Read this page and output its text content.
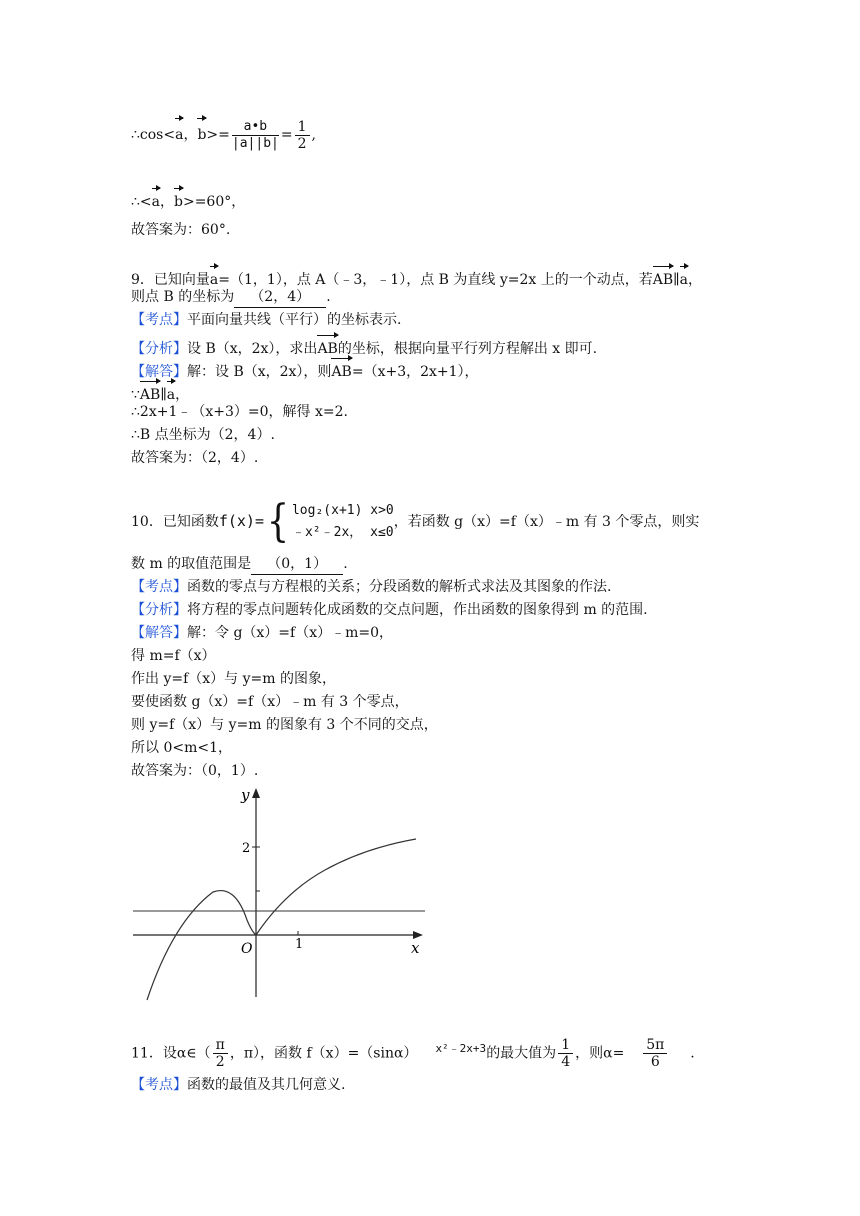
∴cos<a，$b>= \frac{a•b}{|a||b|} = \frac{1}{2}$ ,
∴<a，b>=60°，
故答案为：60°.
9．已知向量a=（1，1），点 A（﹣3，﹣1），点 B 为直线 y=2x 上的一个动点，若AB∥a，
则点 B 的坐标为 （2，4） .
【考点】平面向量共线（平行）的坐标表示.
【分析】设 B（x，2x），求出AB的坐标，根据向量平行列方程解出 x 即可.
【解答】解：设 B（x，2x），则AB=（x+3，2x+1），
∵AB∥a，
∴2x+1﹣（x+3）=0，解得 x=2.
∴B 点坐标为（2，4）.
故答案为：（2，4）.
10．已知函数f(x)={ log₂(x+1) x>0
﹣x²﹣2x， x≤0
，若函数 g（x）=f（x）﹣m 有 3 个零点，则实
数 m 的取值范围是 （0，1） .
【考点】函数的零点与方程根的关系；分段函数的解析式求法及其图象的作法.
【分析】将方程的零点问题转化成函数的交点问题，作出函数的图象得到 m 的范围.
【解答】解：令 g（x）=f（x）﹣m=0，
得 m=f（x）
作出 y=f（x）与 y=m 的图象，
要使函数 g（x）=f（x）﹣m 有 3 个零点，
则 y=f（x）与 y=m 的图象有 3 个不同的交点，
所以 0<m<1，
故答案为：（0，1）.
y
x
O
2
1
11．设α∈（ $\frac{\pi}{2}$ ，π），函数 f（x）=（sinα） $^{x^2﹣2x+3}$的最大值为 $\frac{1}{4}$ ，则$\alpha= \frac{5\pi}{6}$ .
【考点】函数的最值及其几何意义.
